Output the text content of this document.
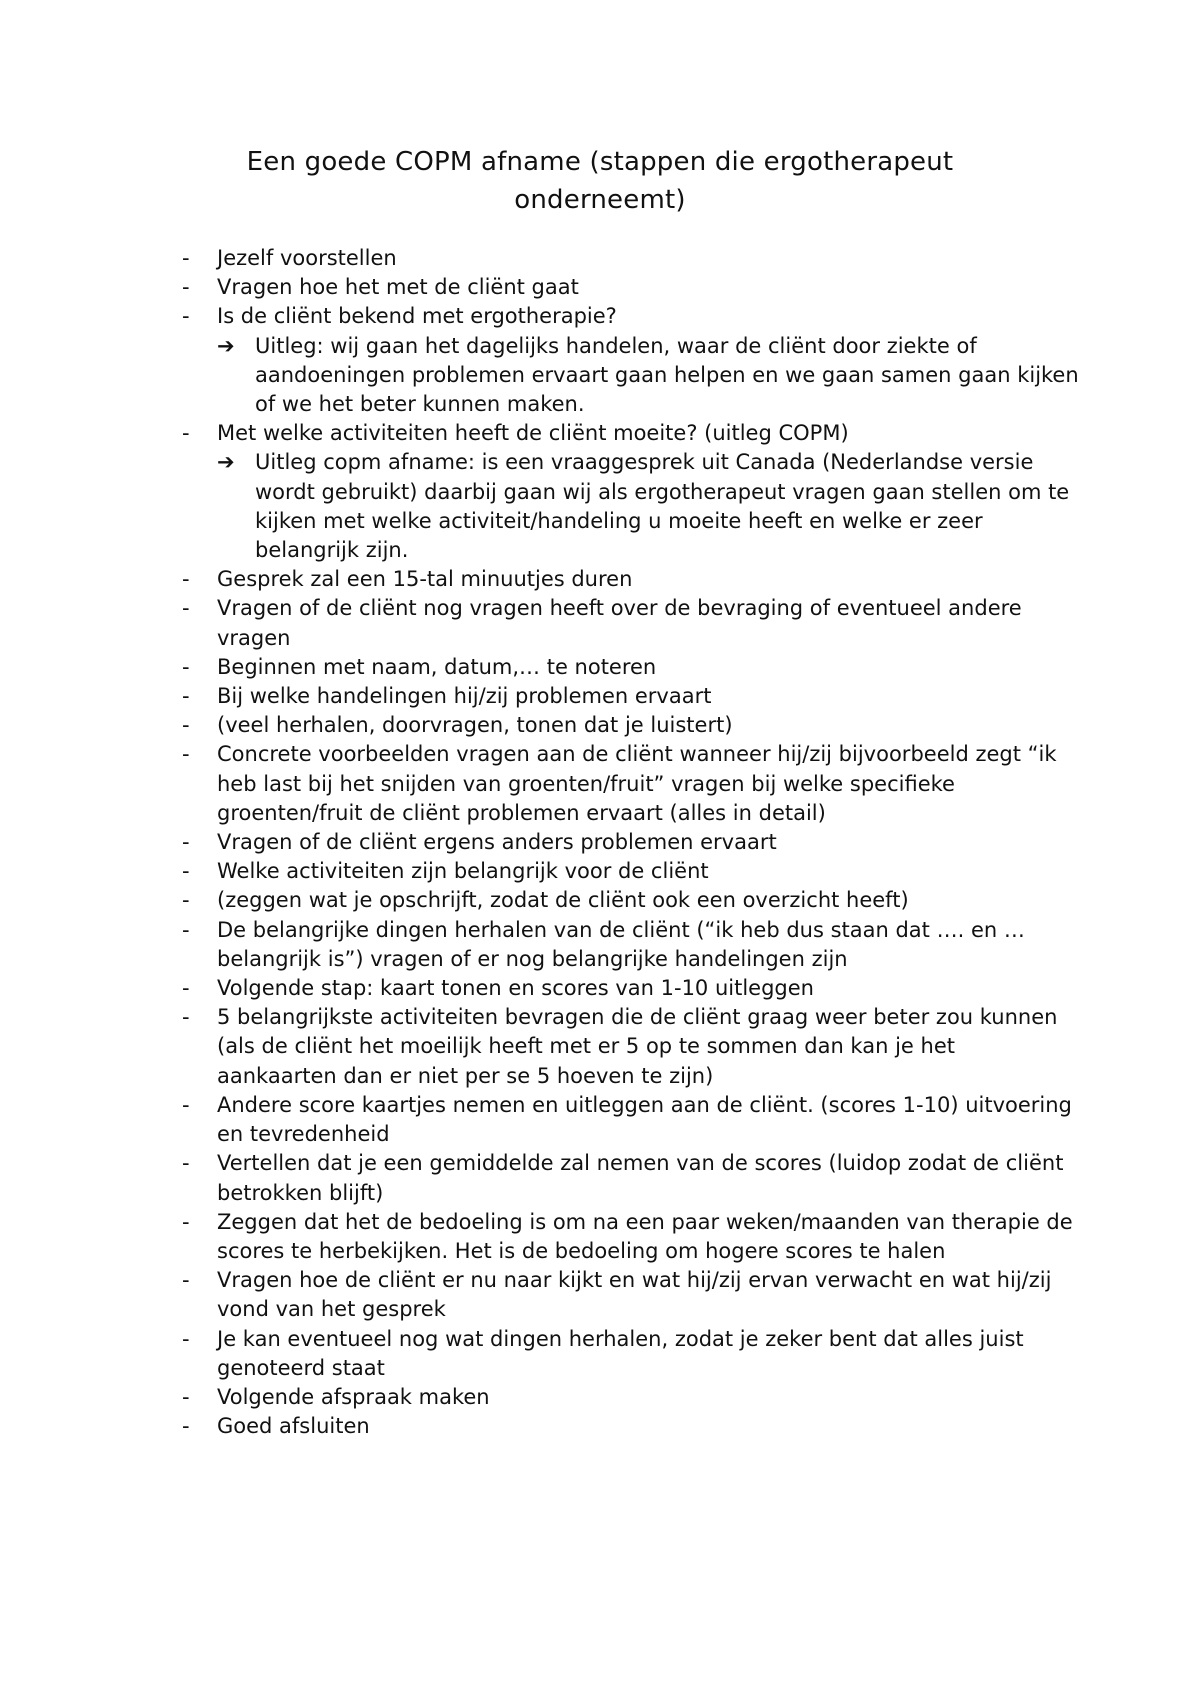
Een goede COPM afname (stappen die ergotherapeut onderneemt)
- Jezelf voorstellen
- Vragen hoe het met de cliënt gaat
- Is de cliënt bekend met ergotherapie?
➔ Uitleg: wij gaan het dagelijks handelen, waar de cliënt door ziekte of aandoeningen problemen ervaart gaan helpen en we gaan samen gaan kijken of we het beter kunnen maken.
- Met welke activiteiten heeft de cliënt moeite? (uitleg COPM)
➔ Uitleg copm afname: is een vraaggesprek uit Canada (Nederlandse versie wordt gebruikt) daarbij gaan wij als ergotherapeut vragen gaan stellen om te kijken met welke activiteit/handeling u moeite heeft en welke er zeer belangrijk zijn.
- Gesprek zal een 15-tal minuutjes duren
- Vragen of de cliënt nog vragen heeft over de bevraging of eventueel andere vragen
- Beginnen met naam, datum,… te noteren
- Bij welke handelingen hij/zij problemen ervaart
- (veel herhalen, doorvragen, tonen dat je luistert)
- Concrete voorbeelden vragen aan de cliënt wanneer hij/zij bijvoorbeeld zegt “ik heb last bij het snijden van groenten/fruit” vragen bij welke specifieke groenten/fruit de cliënt problemen ervaart (alles in detail)
- Vragen of de cliënt ergens anders problemen ervaart
- Welke activiteiten zijn belangrijk voor de cliënt
- (zeggen wat je opschrijft, zodat de cliënt ook een overzicht heeft)
- De belangrijke dingen herhalen van de cliënt (“ik heb dus staan dat …. en … belangrijk is”) vragen of er nog belangrijke handelingen zijn
- Volgende stap: kaart tonen en scores van 1-10 uitleggen
- 5 belangrijkste activiteiten bevragen die de cliënt graag weer beter zou kunnen (als de cliënt het moeilijk heeft met er 5 op te sommen dan kan je het aankaarten dan er niet per se 5 hoeven te zijn)
- Andere score kaartjes nemen en uitleggen aan de cliënt. (scores 1-10) uitvoering en tevredenheid
- Vertellen dat je een gemiddelde zal nemen van de scores (luidop zodat de cliënt betrokken blijft)
- Zeggen dat het de bedoeling is om na een paar weken/maanden van therapie de scores te herbekijken. Het is de bedoeling om hogere scores te halen
- Vragen hoe de cliënt er nu naar kijkt en wat hij/zij ervan verwacht en wat hij/zij vond van het gesprek
- Je kan eventueel nog wat dingen herhalen, zodat je zeker bent dat alles juist genoteerd staat
- Volgende afspraak maken
- Goed afsluiten
